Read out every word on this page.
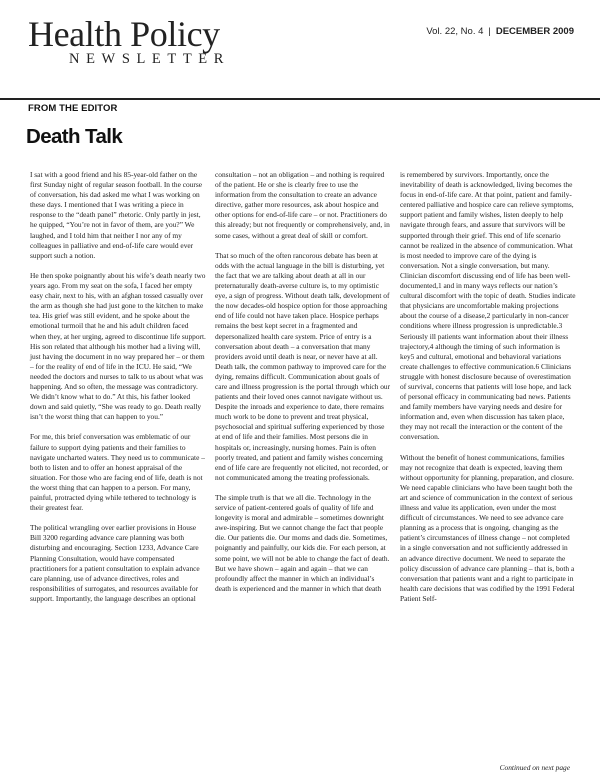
Health Policy
NEWSLETTER
Vol. 22, No. 4 | DECEMBER 2009
FROM THE EDITOR
Death Talk

I sat with a good friend and his 85-year-old father on the first Sunday night of regular season football. In the course of conversation, his dad asked me what I was working on these days. I mentioned that I was writing a piece in response to the “death panel” rhetoric. Only partly in jest, he quipped, “You’re not in favor of them, are you?” We laughed, and I told him that neither I nor any of my colleagues in palliative and end-of-life care would ever support such a notion.

He then spoke poignantly about his wife’s death nearly two years ago. From my seat on the sofa, I faced her empty easy chair, next to his, with an afghan tossed casually over the arm as though she had just gone to the kitchen to make tea. His grief was still evident, and he spoke about the emotional turmoil that he and his adult children faced when they, at her urging, agreed to discontinue life support. His son related that although his mother had a living will, just having the document in no way prepared her – or them – for the reality of end of life in the ICU. He said, “We needed the doctors and nurses to talk to us about what was happening. And so often, the message was contradictory. We didn’t know what to do.” At this, his father looked down and said quietly, “She was ready to go. Death really isn’t the worst thing that can happen to you.”

For me, this brief conversation was emblematic of our failure to support dying patients and their families to navigate uncharted waters. They need us to communicate – both to listen and to offer an honest appraisal of the situation. For those who are facing end of life, death is not the worst thing that can happen to a person. For many, painful, protracted dying while tethered to technology is their greatest fear.

The political wrangling over earlier provisions in House Bill 3200 regarding advance care planning was both disturbing and encouraging. Section 1233, Advance Care Planning Consultation, would have compensated practitioners for a patient consultation to explain advance care planning, use of advance directives, roles and responsibilities of surrogates, and resources available for support. Importantly, the language describes an optional

consultation – not an obligation – and nothing is required of the patient. He or she is clearly free to use the information from the consultation to create an advance directive, gather more resources, ask about hospice and other options for end-of-life care – or not. Practitioners do this already; but not frequently or comprehensively, and, in some cases, without a great deal of skill or comfort.

That so much of the often rancorous debate has been at odds with the actual language in the bill is disturbing, yet the fact that we are talking about death at all in our preternaturally death-averse culture is, to my optimistic eye, a sign of progress. Without death talk, development of the now decades-old hospice option for those approaching end of life could not have taken place. Hospice perhaps remains the best kept secret in a fragmented and depersonalized health care system. Price of entry is a conversation about death – a conversation that many providers avoid until death is near, or never have at all. Death talk, the common pathway to improved care for the dying, remains difficult. Communication about goals of care and illness progression is the portal through which our patients and their loved ones cannot navigate without us. Despite the inroads and experience to date, there remains much work to be done to prevent and treat physical, psychosocial and spiritual suffering experienced by those at end of life and their families. Most persons die in hospitals or, increasingly, nursing homes. Pain is often poorly treated, and patient and family wishes concerning end of life care are frequently not elicited, not recorded, or not communicated among the treating professionals.

The simple truth is that we all die. Technology in the service of patient-centered goals of quality of life and longevity is moral and admirable – sometimes downright awe-inspiring. But we cannot change the fact that people die. Our patients die. Our moms and dads die. Sometimes, poignantly and painfully, our kids die. For each person, at some point, we will not be able to change the fact of death. But we have shown – again and again – that we can profoundly affect the manner in which an individual’s death is experienced and the manner in which that death

is remembered by survivors. Importantly, once the inevitability of death is acknowledged, living becomes the focus in end-of-life care. At that point, patient and family-centered palliative and hospice care can relieve symptoms, support patient and family wishes, listen deeply to help navigate through fears, and assure that survivors will be supported through their grief. This end of life scenario cannot be realized in the absence of communication. What is most needed to improve care of the dying is conversation. Not a single conversation, but many. Clinician discomfort discussing end of life has been well-documented,1 and in many ways reflects our nation’s cultural discomfort with the topic of death. Studies indicate that physicians are uncomfortable making projections about the course of a disease,2 particularly in non-cancer conditions where illness progression is unpredictable.3 Seriously ill patients want information about their illness trajectory,4 although the timing of such information is key5 and cultural, emotional and behavioral variations create challenges to effective communication.6 Clinicians struggle with honest disclosure because of overestimation of survival, concerns that patients will lose hope, and lack of personal efficacy in communicating bad news. Patients and family members have varying needs and desire for information and, even when discussion has taken place, they may not recall the interaction or the content of the conversation.

Without the benefit of honest communications, families may not recognize that death is expected, leaving them without opportunity for planning, preparation, and closure. We need capable clinicians who have been taught both the art and science of communication in the context of serious illness and value its application, even under the most difficult of circumstances. We need to see advance care planning as a process that is ongoing, changing as the patient’s circumstances of illness change – not completed in a single conversation and not sufficiently addressed in an advance directive document. We need to separate the policy discussion of advance care planning – that is, both a conversation that patients want and a right to participate in health care decisions that was codified by the 1991 Federal Patient Self-

Continued on next page
